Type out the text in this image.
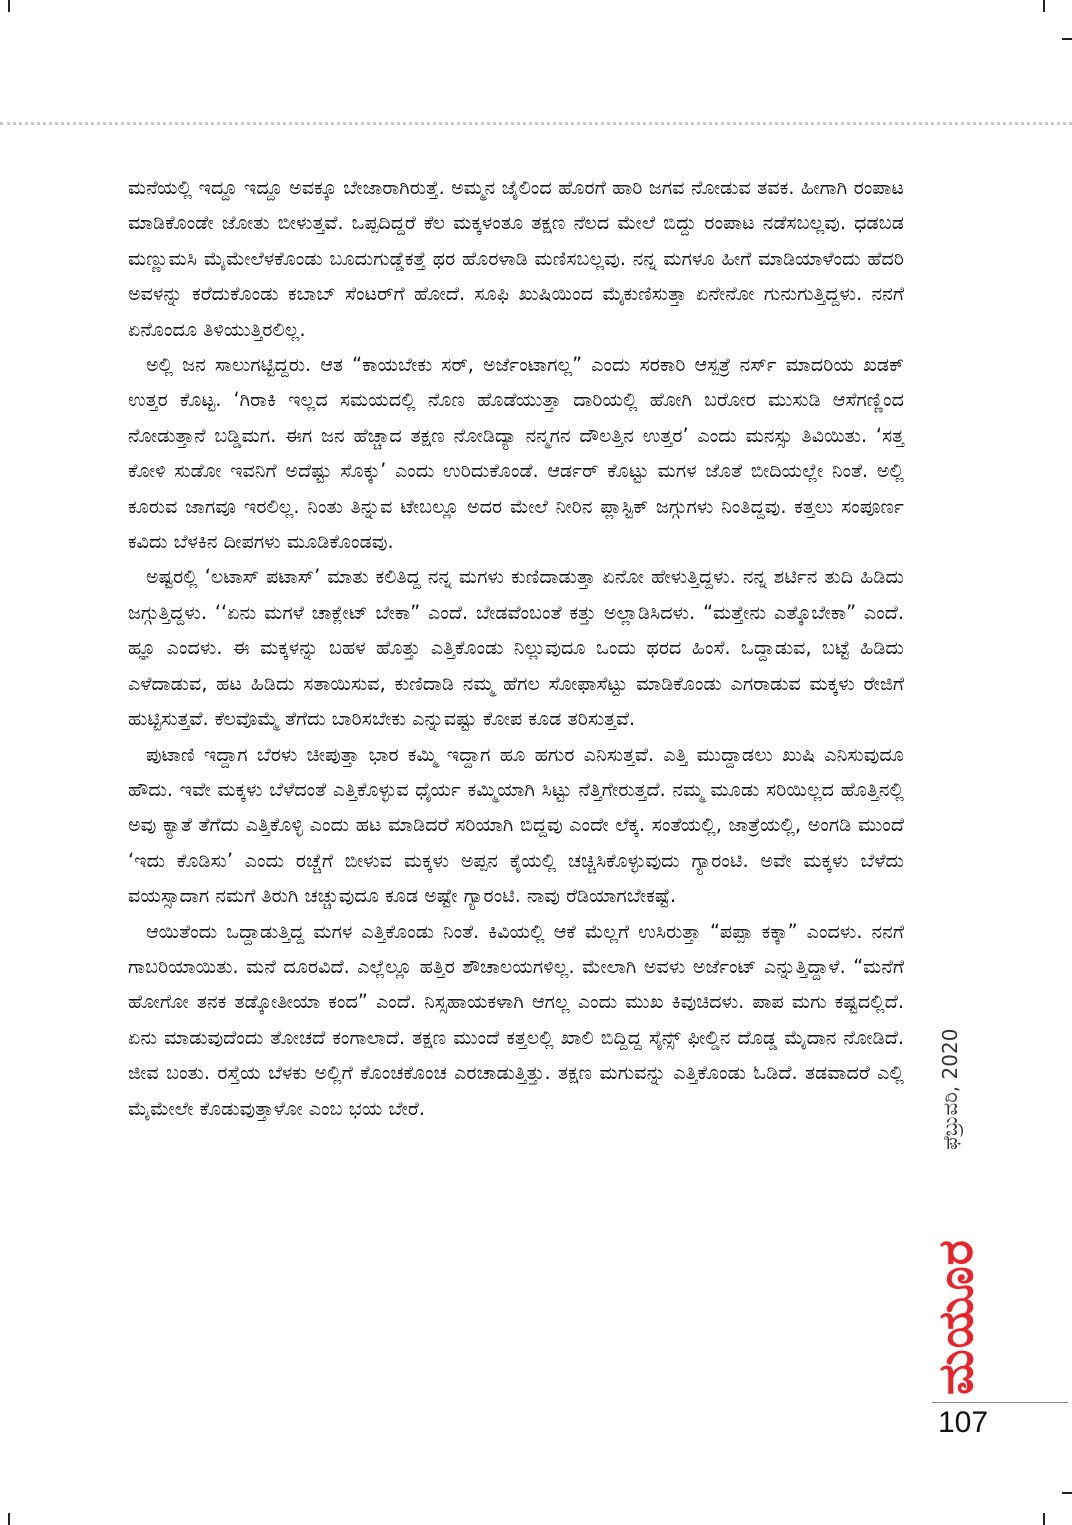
ಮನೆಯಲ್ಲಿ ಇದ್ದೂ ಇದ್ದೂ ಅವಕ್ಕೂ ಬೇಜಾರಾಗಿರುತ್ತೆ. ಅಮ್ಮನ ಜೈಲಿಂದ ಹೊರಗೆ ಹಾರಿ ಜಗವ ನೋಡುವ ತವಕ. ಹೀಗಾಗಿ ರಂಪಾಟ ಮಾಡಿಕೊಂಡೇ ಜೋತು ಬೀಳುತ್ತವೆ. ಒಪ್ಪದಿದ್ದರೆ ಕೆಲ ಮಕ್ಕಳಂತೂ ತಕ್ಷಣ ನೆಲದ ಮೇಲೆ ಬಿದ್ದು ರಂಪಾಟ ನಡೆಸಬಲ್ಲವು. ಧಡಬಡ ಮಣ್ಣುಮಸಿ ಮೈಮೇಲೆಳಕೊಂಡು ಬೂದುಗುಡ್ಡೆಕತ್ತೆ ಥರ ಹೊರಳಾಡಿ ಮಣಿಸಬಲ್ಲವು. ನನ್ನ ಮಗಳೂ ಹೀಗೆ ಮಾಡಿಯಾಳೆಂದು ಹೆದರಿ ಅವಳನ್ನು ಕರೆದುಕೊಂಡು ಕಬಾಬ್ ಸೆಂಟರ್‌ಗೆ ಹೋದೆ. ಸೂಫಿ ಖುಷಿಯಿಂದ ಮೈಕುಣಿಸುತ್ತಾ ಏನೇನೋ ಗುನುಗುತ್ತಿದ್ದಳು. ನನಗೆ ಏನೊಂದೂ ತಿಳಿಯುತ್ತಿರಲಿಲ್ಲ.

ಅಲ್ಲಿ ಜನ ಸಾಲುಗಟ್ಟಿದ್ದರು. ಆತ “ಕಾಯಬೇಕು ಸರ್, ಅರ್ಜೆಂಟಾಗಲ್ಲ” ಎಂದು ಸರಕಾರಿ ಆಸ್ಪತ್ರೆ ನರ್ಸ್ ಮಾದರಿಯ ಖಡಕ್ ಉತ್ತರ ಕೊಟ್ಟ. ‘ಗಿರಾಕಿ ಇಲ್ಲದ ಸಮಯದಲ್ಲಿ ನೊಣ ಹೊಡೆಯುತ್ತಾ ದಾರಿಯಲ್ಲಿ ಹೋಗಿ ಬರೋರ ಮುಸುಡಿ ಆಸೆಗಣ್ಣಿಂದ ನೋಡುತ್ತಾನೆ ಬಡ್ಡಿಮಗ. ಈಗ ಜನ ಹೆಚ್ಚಾದ ತಕ್ಷಣ ನೋಡಿದ್ಯಾ ನನ್ಮಗನ ದೌಲತ್ತಿನ ಉತ್ತರ’ ಎಂದು ಮನಸ್ಸು ತಿವಿಯಿತು. ‘ಸತ್ತ ಕೋಳಿ ಸುಡೋ ಇವನಿಗೆ ಅದೆಷ್ಟು ಸೊಕ್ಕು’ ಎಂದು ಉರಿದುಕೊಂಡೆ. ಆರ್ಡರ್ ಕೊಟ್ಟು ಮಗಳ ಜೊತೆ ಬೀದಿಯಲ್ಲೇ ನಿಂತೆ. ಅಲ್ಲಿ ಕೂರುವ ಜಾಗವೂ ಇರಲಿಲ್ಲ. ನಿಂತು ತಿನ್ನುವ ಟೇಬಲ್ಲೂ ಅದರ ಮೇಲೆ ನೀರಿನ ಪ್ಲಾಸ್ಟಿಕ್ ಜಗ್ಗುಗಳು ನಿಂತಿದ್ದವು. ಕತ್ತಲು ಸಂಪೂರ್ಣ ಕವಿದು ಬೆಳಕಿನ ದೀಪಗಳು ಮೂಡಿಕೊಂಡವು.

ಅಷ್ಟರಲ್ಲಿ ‘ಲಟಾಸ್ ಪಟಾಸ್’ ಮಾತು ಕಲಿತಿದ್ದ ನನ್ನ ಮಗಳು ಕುಣಿದಾಡುತ್ತಾ ಏನೋ ಹೇಳುತ್ತಿದ್ದಳು. ನನ್ನ ಶರ್ಟಿನ ತುದಿ ಹಿಡಿದು ಜಗ್ಗುತ್ತಿದ್ದಳು. ‘‘ಏನು ಮಗಳೆ ಚಾಕ್ಲೇಟ್ ಬೇಕಾ” ಎಂದೆ. ಬೇಡವೆಂಬಂತೆ ಕತ್ತು ಅಲ್ಲಾಡಿಸಿದಳು. “ಮತ್ತೇನು ಎತ್ಕೊಬೇಕಾ” ಎಂದೆ. ಹ್ಞೂ ಎಂದಳು. ಈ ಮಕ್ಕಳನ್ನು ಬಹಳ ಹೊತ್ತು ಎತ್ತಿಕೊಂಡು ನಿಲ್ಲುವುದೂ ಒಂದು ಥರದ ಹಿಂಸೆ. ಒದ್ದಾಡುವ, ಬಟ್ಟೆ ಹಿಡಿದು ಎಳೆದಾಡುವ, ಹಟ ಹಿಡಿದು ಸತಾಯಿಸುವ, ಕುಣಿದಾಡಿ ನಮ್ಮ ಹೆಗಲ ಸೋಫಾಸೆಟ್ಟು ಮಾಡಿಕೊಂಡು ಎಗರಾಡುವ ಮಕ್ಕಳು ರೇಜಿಗೆ ಹುಟ್ಟಿಸುತ್ತವೆ. ಕೆಲವೊಮ್ಮೆ ತೆಗೆದು ಬಾರಿಸಬೇಕು ಎನ್ನುವಷ್ಟು ಕೋಪ ಕೂಡ ತರಿಸುತ್ತವೆ.

ಪುಟಾಣಿ ಇದ್ದಾಗ ಬೆರಳು ಚೀಪುತ್ತಾ ಭಾರ ಕಮ್ಮಿ ಇದ್ದಾಗ ಹೂ ಹಗುರ ಎನಿಸುತ್ತವೆ. ಎತ್ತಿ ಮುದ್ದಾಡಲು ಖುಷಿ ಎನಿಸುವುದೂ ಹೌದು. ಇವೇ ಮಕ್ಕಳು ಬೆಳೆದಂತೆ ಎತ್ತಿಕೊಳ್ಳುವ ಧೈರ್ಯ ಕಮ್ಮಿಯಾಗಿ ಸಿಟ್ಟು ನೆತ್ತಿಗೇರುತ್ತದೆ. ನಮ್ಮ ಮೂಡು ಸರಿಯಿಲ್ಲದ ಹೊತ್ತಿನಲ್ಲಿ ಅವು ಕ್ಯಾತೆ ತೆಗೆದು ಎತ್ತಿಕೊಳ್ಳಿ ಎಂದು ಹಟ ಮಾಡಿದರೆ ಸರಿಯಾಗಿ ಬಿದ್ದವು ಎಂದೇ ಲೆಕ್ಕ. ಸಂತೆಯಲ್ಲಿ, ಜಾತ್ರೆಯಲ್ಲಿ, ಅಂಗಡಿ ಮುಂದೆ ‘ಇದು ಕೊಡಿಸು’ ಎಂದು ರಚ್ಚೆಗೆ ಬೀಳುವ ಮಕ್ಕಳು ಅಪ್ಪನ ಕೈಯಲ್ಲಿ ಚಚ್ಚಿಸಿಕೊಳ್ಳುವುದು ಗ್ಯಾರಂಟಿ. ಅವೇ ಮಕ್ಕಳು ಬೆಳೆದು ವಯಸ್ಸಾದಾಗ ನಮಗೆ ತಿರುಗಿ ಚಚ್ಚುವುದೂ ಕೂಡ ಅಷ್ಟೇ ಗ್ಯಾರಂಟಿ. ನಾವು ರೆಡಿಯಾಗಬೇಕಷ್ಟೆ.

ಆಯಿತೆಂದು ಒದ್ದಾಡುತ್ತಿದ್ದ ಮಗಳ ಎತ್ತಿಕೊಂಡು ನಿಂತೆ. ಕಿವಿಯಲ್ಲಿ ಆಕೆ ಮೆಲ್ಲಗೆ ಉಸಿರುತ್ತಾ “ಪಪ್ಪಾ ಕಕ್ಕಾ” ಎಂದಳು. ನನಗೆ ಗಾಬರಿಯಾಯಿತು. ಮನೆ ದೂರವಿದೆ. ಎಲ್ಲೆಲ್ಲೂ ಹತ್ತಿರ ಶೌಚಾಲಯಗಳಿಲ್ಲ. ಮೇಲಾಗಿ ಅವಳು ಅರ್ಜೆಂಟ್ ಎನ್ನುತ್ತಿದ್ದಾಳೆ. “ಮನೆಗೆ ಹೋಗೋ ತನಕ ತಡ್ಕೋತೀಯಾ ಕಂದ” ಎಂದೆ. ನಿಸ್ಸಹಾಯಕಳಾಗಿ ಆಗಲ್ಲ ಎಂದು ಮುಖ ಕಿವುಚಿದಳು. ಪಾಪ ಮಗು ಕಷ್ಟದಲ್ಲಿದೆ. ಏನು ಮಾಡುವುದೆಂದು ತೋಚದೆ ಕಂಗಾಲಾದೆ. ತಕ್ಷಣ ಮುಂದೆ ಕತ್ತಲಲ್ಲಿ ಖಾಲಿ ಬಿದ್ದಿದ್ದ ಸೈನ್ಸ್ ಫೀಲ್ಡಿನ ದೊಡ್ಡ ಮೈದಾನ ನೋಡಿದೆ. ಜೀವ ಬಂತು. ರಸ್ತೆಯ ಬೆಳಕು ಅಲ್ಲಿಗೆ ಕೊಂಚಕೊಂಚ ಎರಚಾಡುತ್ತಿತ್ತು. ತಕ್ಷಣ ಮಗುವನ್ನು ಎತ್ತಿಕೊಂಡು ಓಡಿದೆ. ತಡವಾದರೆ ಎಲ್ಲಿ ಮೈಮೇಲೇ ಕೊಡುವುತ್ತಾಳೋ ಎಂಬ ಭಯ ಬೇರೆ.	ಫೆಬ್ರುವರಿ, 2020
ಮಯೂರ
107
